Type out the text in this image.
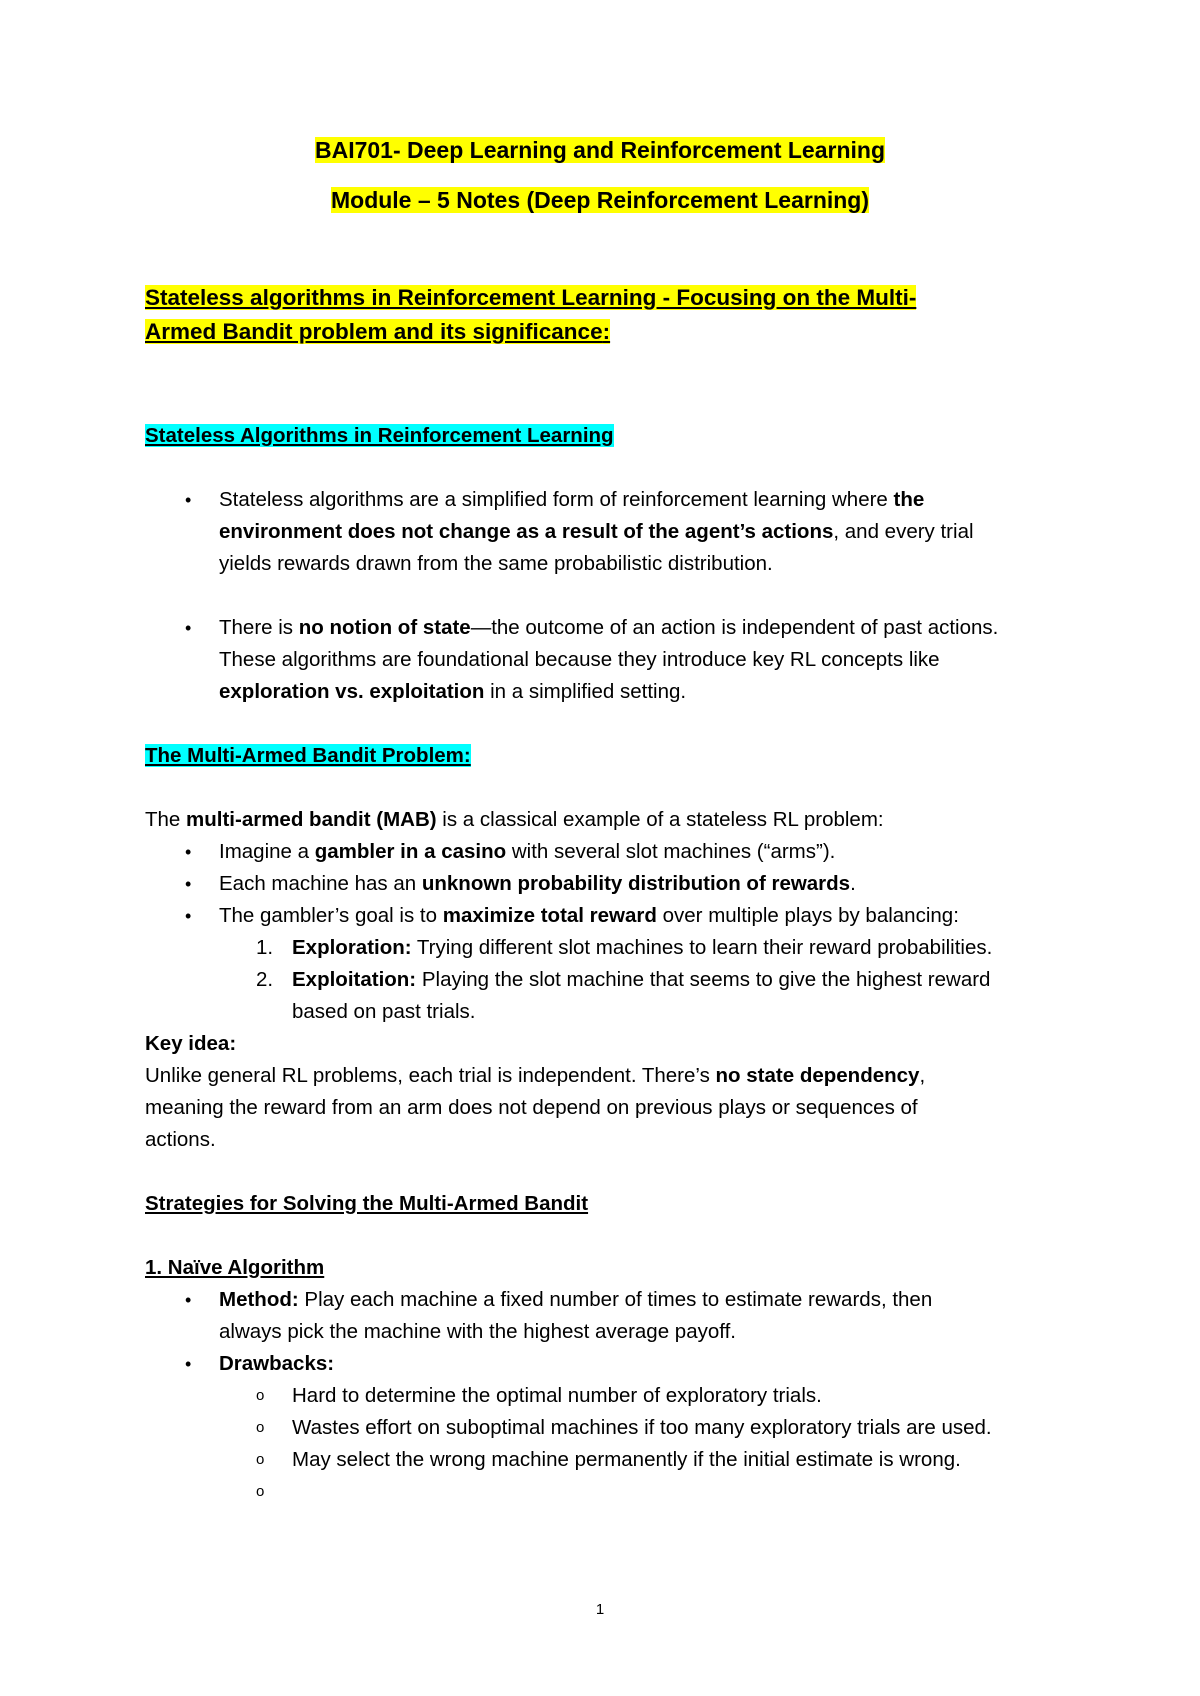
BAI701- Deep Learning and Reinforcement Learning
Module – 5 Notes (Deep Reinforcement Learning)
Stateless algorithms in Reinforcement Learning - Focusing on the Multi-
Armed Bandit problem and its significance:
Stateless Algorithms in Reinforcement Learning
• Stateless algorithms are a simplified form of reinforcement learning where the
environment does not change as a result of the agent’s actions, and every trial
yields rewards drawn from the same probabilistic distribution.
• There is no notion of state—the outcome of an action is independent of past actions.
These algorithms are foundational because they introduce key RL concepts like
exploration vs. exploitation in a simplified setting.
The Multi-Armed Bandit Problem:
The multi-armed bandit (MAB) is a classical example of a stateless RL problem:
• Imagine a gambler in a casino with several slot machines (“arms”).
• Each machine has an unknown probability distribution of rewards.
• The gambler’s goal is to maximize total reward over multiple plays by balancing:
1. Exploration: Trying different slot machines to learn their reward probabilities.
2. Exploitation: Playing the slot machine that seems to give the highest reward
based on past trials.
Key idea:
Unlike general RL problems, each trial is independent. There’s no state dependency,
meaning the reward from an arm does not depend on previous plays or sequences of
actions.
Strategies for Solving the Multi-Armed Bandit
1. Naïve Algorithm
• Method: Play each machine a fixed number of times to estimate rewards, then
always pick the machine with the highest average payoff.
• Drawbacks:
o Hard to determine the optimal number of exploratory trials.
o Wastes effort on suboptimal machines if too many exploratory trials are used.
o May select the wrong machine permanently if the initial estimate is wrong.
o
1
